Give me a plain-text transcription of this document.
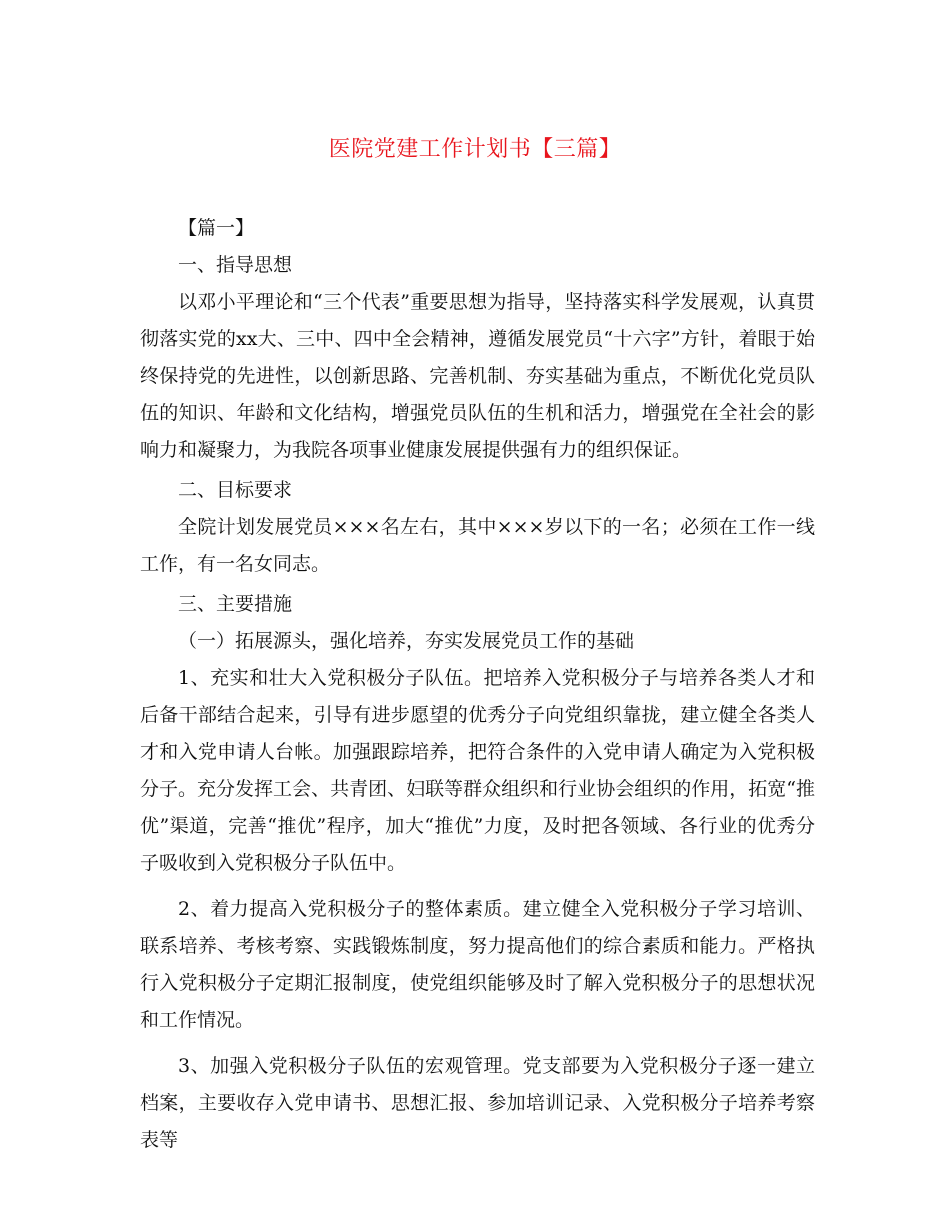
医院党建工作计划书【三篇】

【篇一】

一、指导思想

以邓小平理论和“三个代表”重要思想为指导，坚持落实科学发展观，认真贯彻落实党的xx大、三中、四中全会精神，遵循发展党员“十六字”方针，着眼于始终保持党的先进性，以创新思路、完善机制、夯实基础为重点，不断优化党员队伍的知识、年龄和文化结构，增强党员队伍的生机和活力，增强党在全社会的影响力和凝聚力，为我院各项事业健康发展提供强有力的组织保证。

二、目标要求

全院计划发展党员×××名左右，其中×××岁以下的一名；必须在工作一线工作，有一名女同志。

三、主要措施

（一）拓展源头，强化培养，夯实发展党员工作的基础

1、充实和壮大入党积极分子队伍。把培养入党积极分子与培养各类人才和后备干部结合起来，引导有进步愿望的优秀分子向党组织靠拢，建立健全各类人才和入党申请人台帐。加强跟踪培养，把符合条件的入党申请人确定为入党积极分子。充分发挥工会、共青团、妇联等群众组织和行业协会组织的作用，拓宽“推优”渠道，完善“推优”程序，加大“推优”力度，及时把各领域、各行业的优秀分子吸收到入党积极分子队伍中。

2、着力提高入党积极分子的整体素质。建立健全入党积极分子学习培训、联系培养、考核考察、实践锻炼制度，努力提高他们的综合素质和能力。严格执行入党积极分子定期汇报制度，使党组织能够及时了解入党积极分子的思想状况和工作情况。

3、加强入党积极分子队伍的宏观管理。党支部要为入党积极分子逐一建立档案，主要收存入党申请书、思想汇报、参加培训记录、入党积极分子培养考察表等
